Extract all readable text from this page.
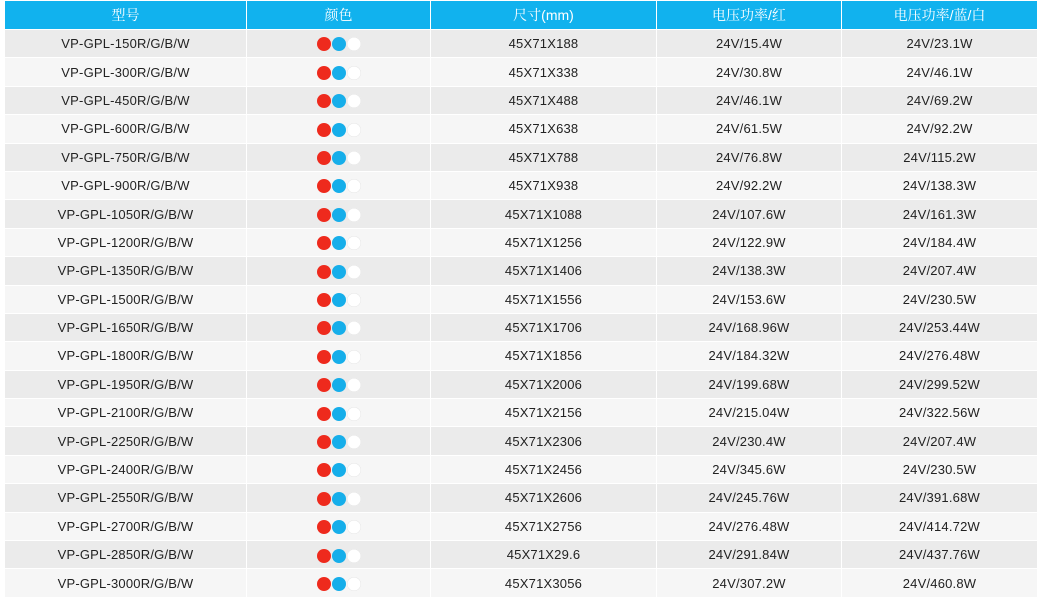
型号	颜色	尺寸(mm)	电压功率/红	电压功率/蓝/白
VP-GPL-150R/G/B/W		45X71X188	24V/15.4W	24V/23.1W
VP-GPL-300R/G/B/W		45X71X338	24V/30.8W	24V/46.1W
VP-GPL-450R/G/B/W		45X71X488	24V/46.1W	24V/69.2W
VP-GPL-600R/G/B/W		45X71X638	24V/61.5W	24V/92.2W
VP-GPL-750R/G/B/W		45X71X788	24V/76.8W	24V/115.2W
VP-GPL-900R/G/B/W		45X71X938	24V/92.2W	24V/138.3W
VP-GPL-1050R/G/B/W		45X71X1088	24V/107.6W	24V/161.3W
VP-GPL-1200R/G/B/W		45X71X1256	24V/122.9W	24V/184.4W
VP-GPL-1350R/G/B/W		45X71X1406	24V/138.3W	24V/207.4W
VP-GPL-1500R/G/B/W		45X71X1556	24V/153.6W	24V/230.5W
VP-GPL-1650R/G/B/W		45X71X1706	24V/168.96W	24V/253.44W
VP-GPL-1800R/G/B/W		45X71X1856	24V/184.32W	24V/276.48W
VP-GPL-1950R/G/B/W		45X71X2006	24V/199.68W	24V/299.52W
VP-GPL-2100R/G/B/W		45X71X2156	24V/215.04W	24V/322.56W
VP-GPL-2250R/G/B/W		45X71X2306	24V/230.4W	24V/207.4W
VP-GPL-2400R/G/B/W		45X71X2456	24V/345.6W	24V/230.5W
VP-GPL-2550R/G/B/W		45X71X2606	24V/245.76W	24V/391.68W
VP-GPL-2700R/G/B/W		45X71X2756	24V/276.48W	24V/414.72W
VP-GPL-2850R/G/B/W		45X71X29.6	24V/291.84W	24V/437.76W
VP-GPL-3000R/G/B/W		45X71X3056	24V/307.2W	24V/460.8W
